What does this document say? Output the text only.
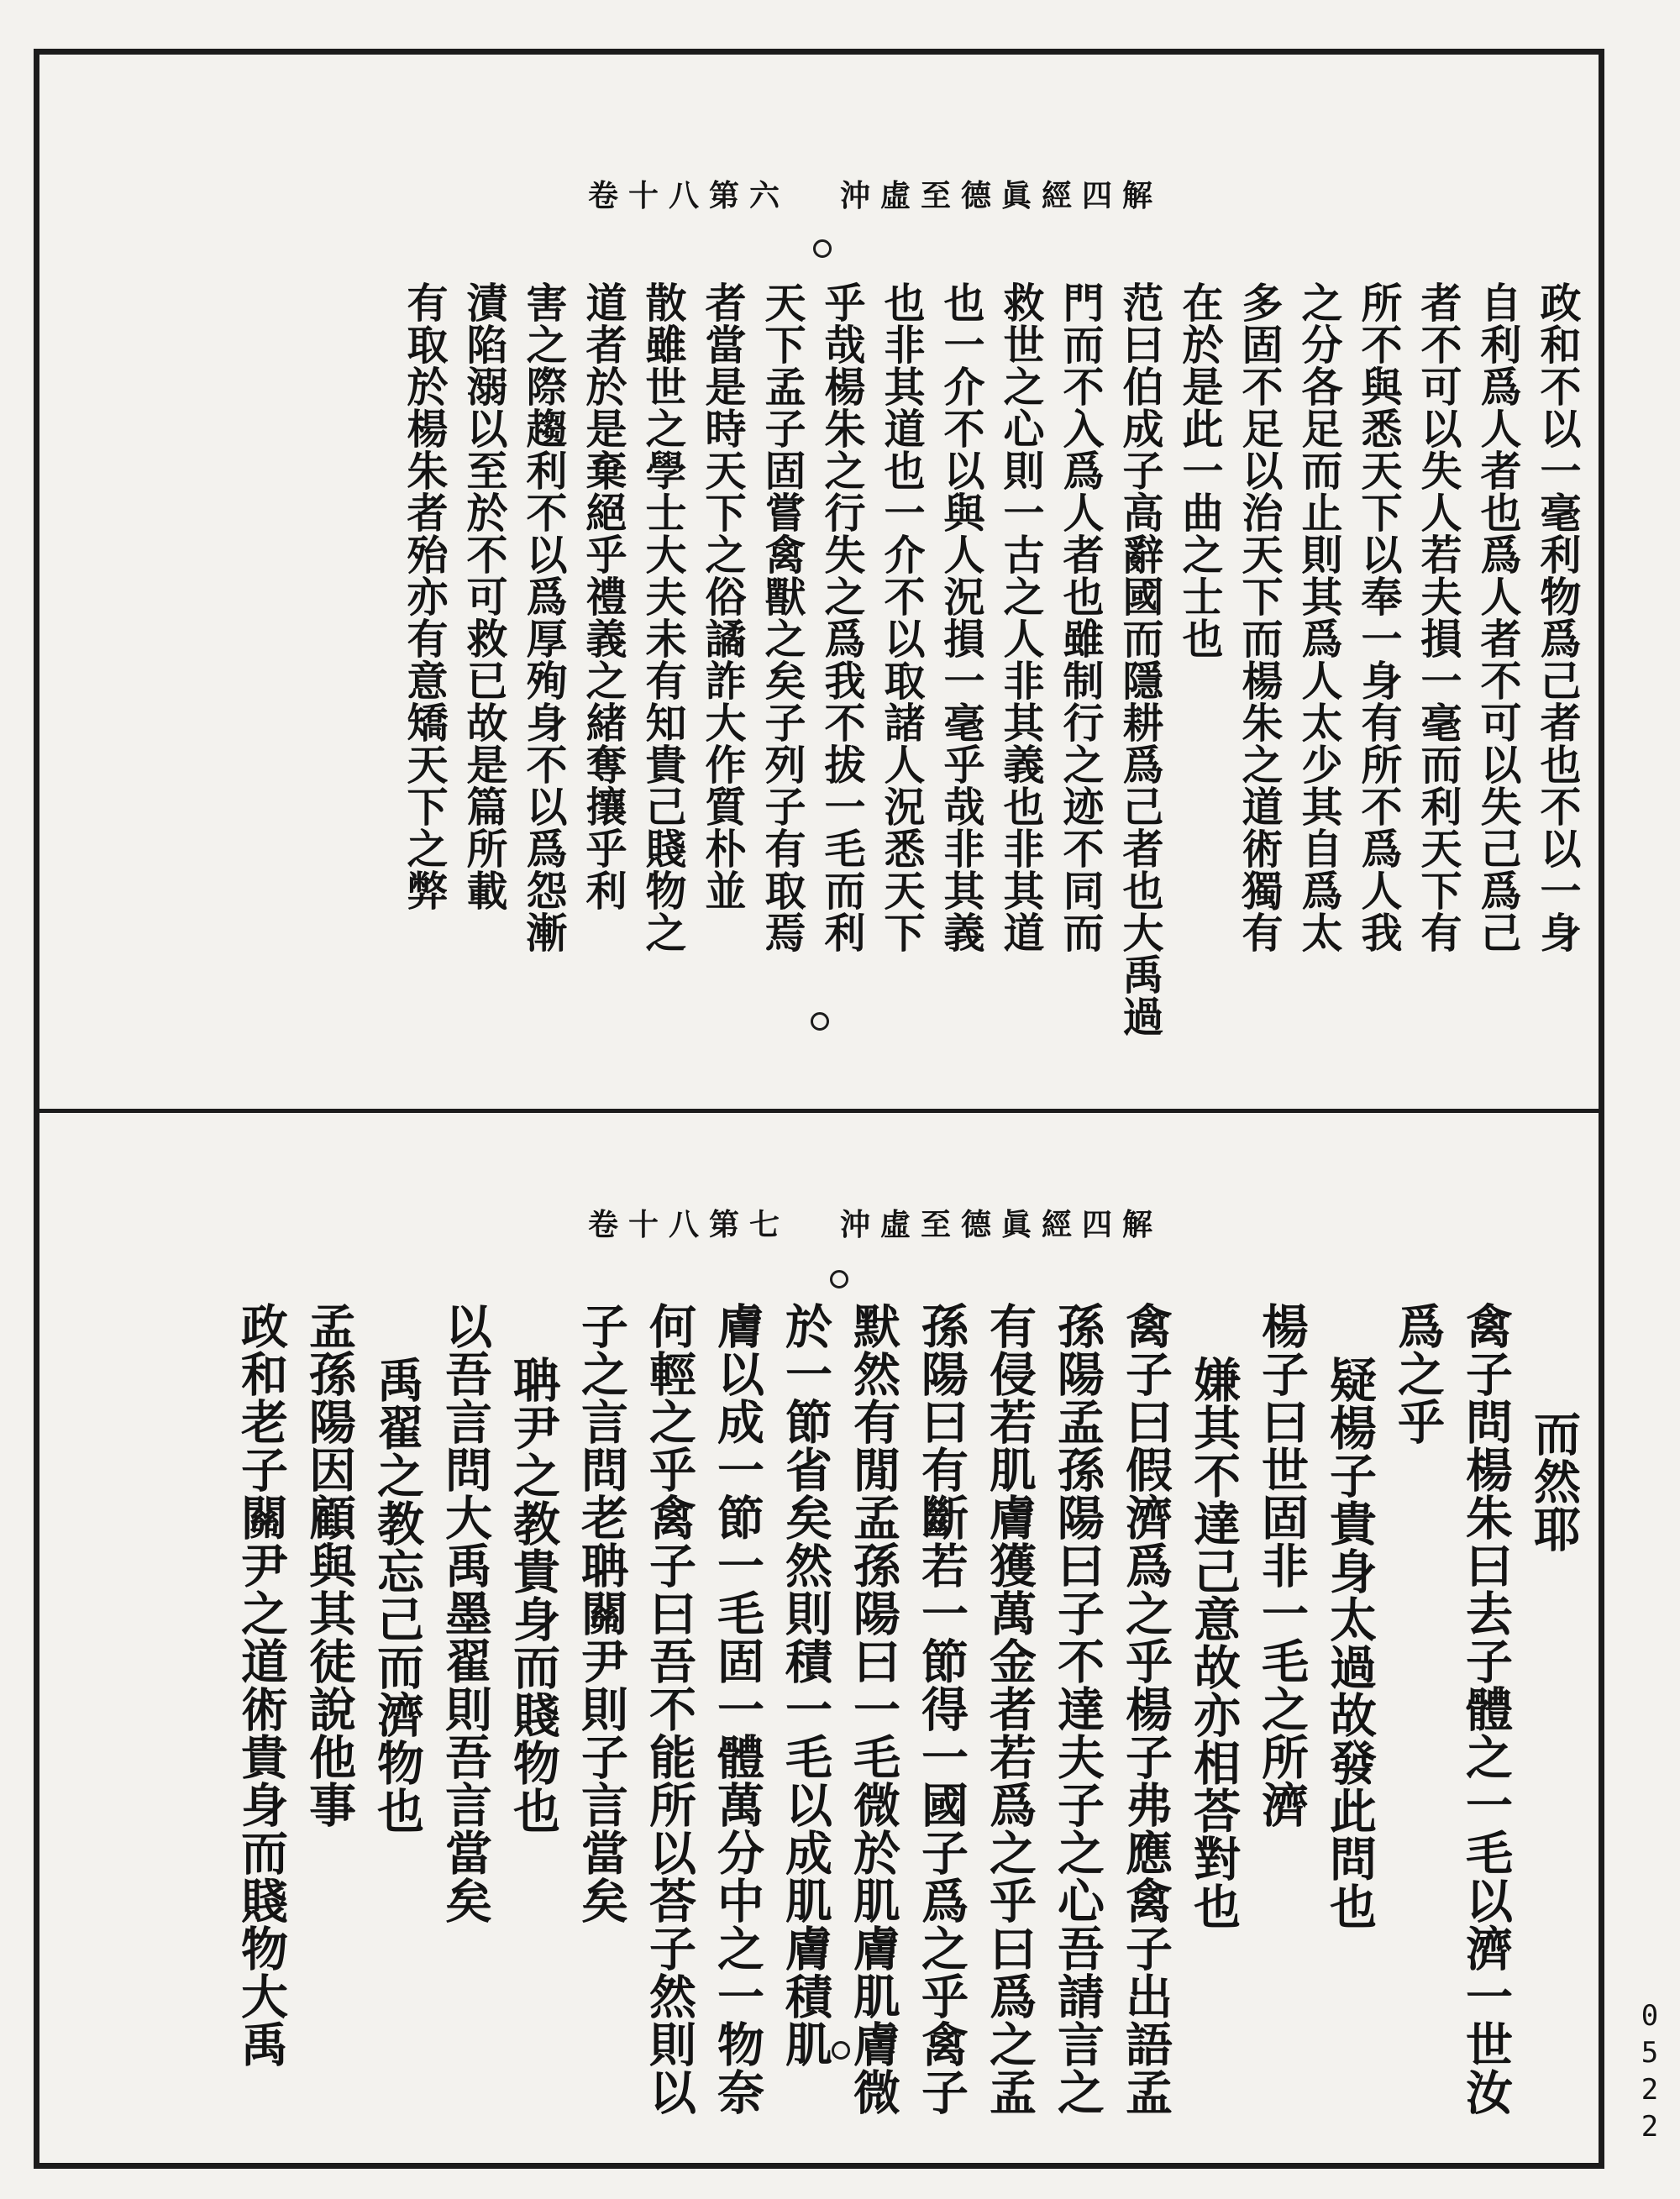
卷十八第六 沖虛至德眞經四解
政和不以一毫利物爲己者也不以一身
自利爲人者也爲人者不可以失己爲己
者不可以失人若夫損一毫而利天下有
所不與悉天下以奉一身有所不爲人我
之分各足而止則其爲人太少其自爲太
多固不足以治天下而楊朱之道術獨有
在於是此一曲之士也
范曰伯成子高辭國而隱耕爲己者也大禹過
門而不入爲人者也雖制行之迹不同而
救世之心則一古之人非其義也非其道
也一介不以與人況損一毫乎哉非其義
也非其道也一介不以取諸人況悉天下
乎哉楊朱之行失之爲我不拔一毛而利
天下孟子固嘗禽獸之矣子列子有取焉
者當是時天下之俗譎詐大作質朴並
散雖世之學士大夫未有知貴己賤物之
道者於是棄絕乎禮義之緒奪攘乎利
害之際趨利不以爲厚殉身不以爲怨漸
漬陷溺以至於不可救已故是篇所載
有取於楊朱者殆亦有意矯天下之弊
卷十八第七 沖虛至德眞經四解
而然耶
禽子問楊朱曰去子體之一毛以濟一世汝
爲之乎
疑楊子貴身太過故發此問也
楊子曰世固非一毛之所濟
嫌其不達己意故亦相荅對也
禽子曰假濟爲之乎楊子弗應禽子出語孟
孫陽孟孫陽曰子不達夫子之心吾請言之
有侵若肌膚獲萬金者若爲之乎曰爲之孟
孫陽曰有斷若一節得一國子爲之乎禽子
默然有閒孟孫陽曰一毛微於肌膚肌膚微
於一節省矣然則積一毛以成肌膚積肌
膚以成一節一毛固一體萬分中之一物奈
何輕之乎禽子曰吾不能所以荅子然則以
子之言問老聃關尹則子言當矣
聃尹之教貴身而賤物也
以吾言問大禹墨翟則吾言當矣
禹翟之教忘己而濟物也
孟孫陽因顧與其徒說他事
政和老子關尹之道術貴身而賤物大禹
0522
